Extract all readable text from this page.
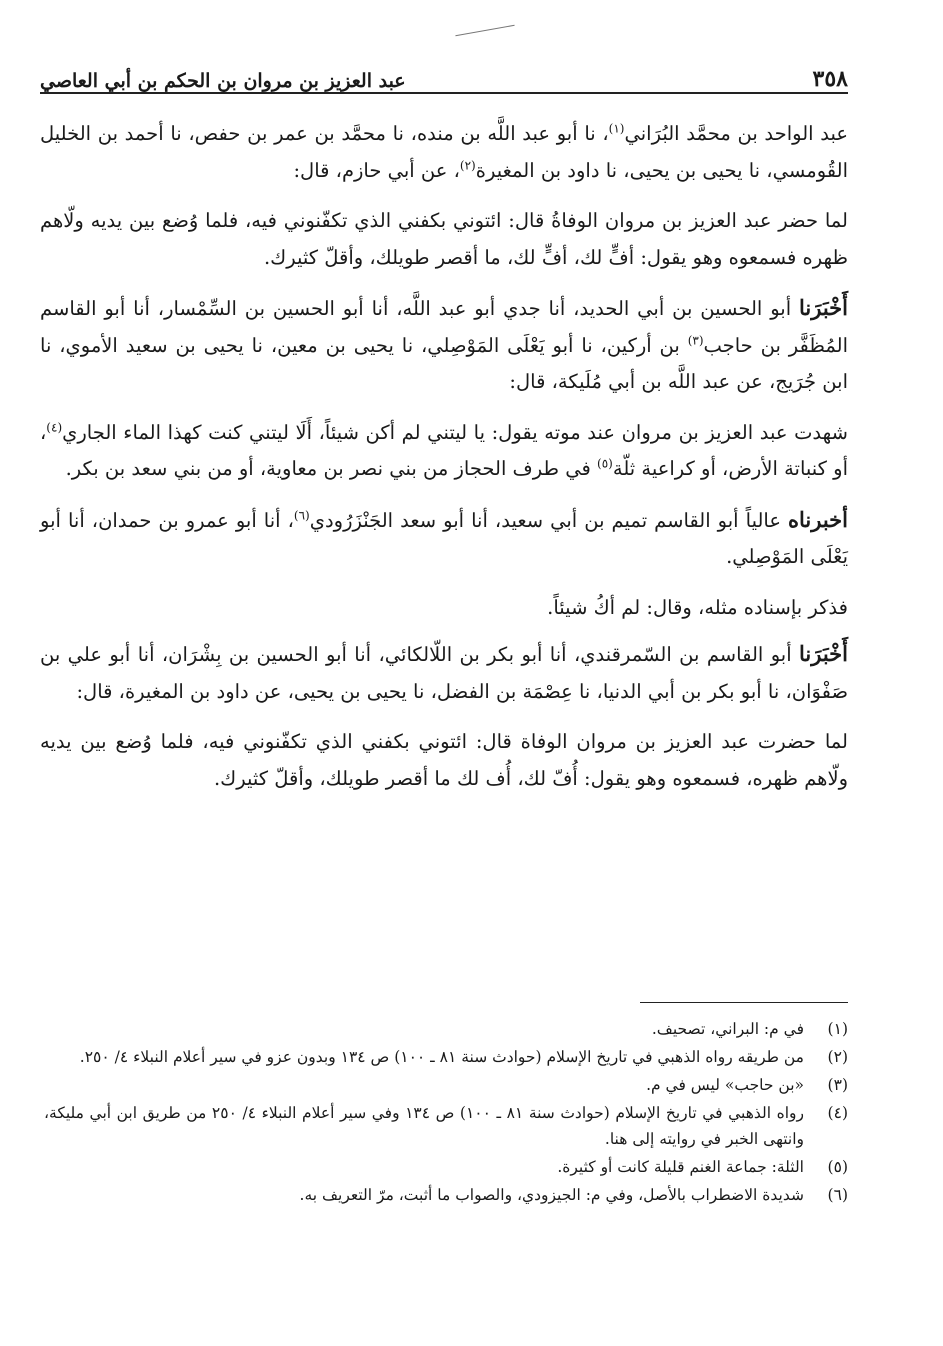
٣٥٨
عبد العزيز بن مروان بن الحكم بن أبي العاصي

عبد الواحد بن محمَّد البُرَاني$^{(١)}$، نا أبو عبد اللَّه بن منده، نا محمَّد بن عمر بن حفص، نا أحمد بن الخليل القُومسي، نا يحيى بن يحيى، نا داود بن المغيرة$^{(٢)}$، عن أبي حازم، قال:

لما حضر عبد العزيز بن مروان الوفاةُ قال: ائتوني بكفني الذي تكفّنوني فيه، فلما وُضع بين يديه ولّاهم ظهره فسمعوه وهو يقول: أفٍّ لك، أفٍّ لك، ما أقصر طويلك، وأقلّ كثيرك.

أَخْبَرَنا أبو الحسين بن أبي الحديد، أنا جدي أبو عبد اللَّه، أنا أبو الحسين بن السِّمْسار، أنا أبو القاسم المُظَفَّر بن حاجب$^{(٣)}$ بن أركين، نا أبو يَعْلَى المَوْصِلي، نا يحيى بن معين، نا يحيى بن سعيد الأموي، نا ابن جُرَيج، عن عبد اللَّه بن أبي مُلَيكة، قال:

شهدت عبد العزيز بن مروان عند موته يقول: يا ليتني لم أكن شيئاً، أَلَا ليتني كنت كهذا الماء الجاري$^{(٤)}$، أو كنباتة الأرض، أو كراعية ثلّة$^{(٥)}$ في طرف الحجاز من بني نصر بن معاوية، أو من بني سعد بن بكر.

أخبرناه عالياً أبو القاسم تميم بن أبي سعيد، أنا أبو سعد الجَنْزَرُودي$^{(٦)}$، أنا أبو عمرو بن حمدان، أنا أبو يَعْلَى المَوْصِلي.

فذكر بإسناده مثله، وقال: لم أكُ شيئاً.

أَخْبَرَنا أبو القاسم بن السّمرقندي، أنا أبو بكر بن اللّالكائي، أنا أبو الحسين بن بِشْرَان، أنا أبو علي بن صَفْوَان، نا أبو بكر بن أبي الدنيا، نا عِصْمَة بن الفضل، نا يحيى بن يحيى، عن داود بن المغيرة، قال:

لما حضرت عبد العزيز بن مروان الوفاة قال: ائتوني بكفني الذي تكفّنوني فيه، فلما وُضع بين يديه ولّاهم ظهره، فسمعوه وهو يقول: أُفّ لك، أُف لك ما أقصر طويلك، وأقلّ كثيرك.

(١)
في م: البراني، تصحيف.
(٢)
من طريقه رواه الذهبي في تاريخ الإسلام (حوادث سنة ٨١ ـ ١٠٠) ص ١٣٤ وبدون عزو في سير أعلام النبلاء ٤/ ٢٥٠.
(٣)
«بن حاجب» ليس في م.
(٤)
رواه الذهبي في تاريخ الإسلام (حوادث سنة ٨١ ـ ١٠٠) ص ١٣٤ وفي سير أعلام النبلاء ٤/ ٢٥٠ من طريق ابن أبي مليكة، وانتهى الخبر في روايته إلى هنا.
(٥)
الثلة: جماعة الغنم قليلة كانت أو كثيرة.
(٦)
شديدة الاضطراب بالأصل، وفي م: الجيزودي، والصواب ما أثبت، مرّ التعريف به.
